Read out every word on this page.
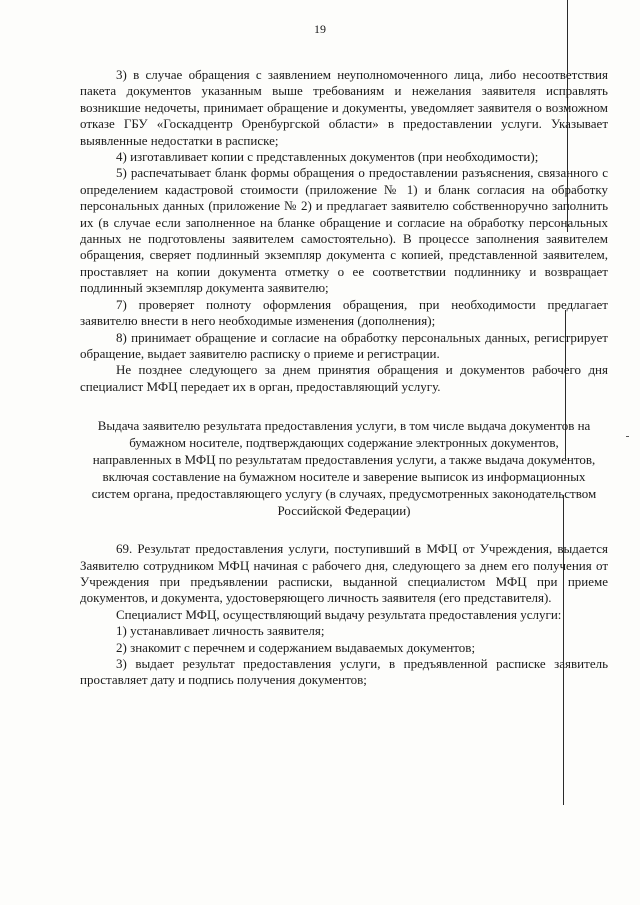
19

3) в случае обращения с заявлением неуполномоченного лица, либо несоответствия пакета документов указанным выше требованиям и нежелания заявителя исправлять возникшие недочеты, принимает обращение и документы, уведомляет заявителя о возможном отказе ГБУ «Госкадцентр Оренбургской области» в предоставлении услуги. Указывает выявленные недостатки в расписке;

4) изготавливает копии с представленных документов (при необходимости);

5) распечатывает бланк формы обращения о предоставлении разъяснения, связанного с определением кадастровой стоимости (приложение № 1) и бланк согласия на обработку персональных данных (приложение № 2) и предлагает заявителю собственноручно заполнить их (в случае если заполненное на бланке обращение и согласие на обработку персональных данных не подготовлены заявителем самостоятельно). В процессе заполнения заявителем обращения, сверяет подлинный экземпляр документа с копией, представленной заявителем, проставляет на копии документа отметку о ее соответствии подлиннику и возвращает подлинный экземпляр документа заявителю;

7) проверяет полноту оформления обращения, при необходимости предлагает заявителю внести в него необходимые изменения (дополнения);

8) принимает обращение и согласие на обработку персональных данных, регистрирует обращение, выдает заявителю расписку о приеме и регистрации.

Не позднее следующего за днем принятия обращения и документов рабочего дня специалист МФЦ передает их в орган, предоставляющий услугу.

Выдача заявителю результата предоставления услуги, в том числе выдача документов на бумажном носителе, подтверждающих содержание электронных документов, направленных в МФЦ по результатам предоставления услуги, а также выдача документов, включая составление на бумажном носителе и заверение выписок из информационных систем органа, предоставляющего услугу (в случаях, предусмотренных законодательством Российской Федерации)

69. Результат предоставления услуги, поступивший в МФЦ от Учреждения, выдается Заявителю сотрудником МФЦ начиная с рабочего дня, следующего за днем его получения от Учреждения при предъявлении расписки, выданной специалистом МФЦ при приеме документов, и документа, удостоверяющего личность заявителя (его представителя).

Специалист МФЦ, осуществляющий выдачу результата предоставления услуги:

1) устанавливает личность заявителя;

2) знакомит с перечнем и содержанием выдаваемых документов;

3) выдает результат предоставления услуги, в предъявленной расписке заявитель проставляет дату и подпись получения документов;
